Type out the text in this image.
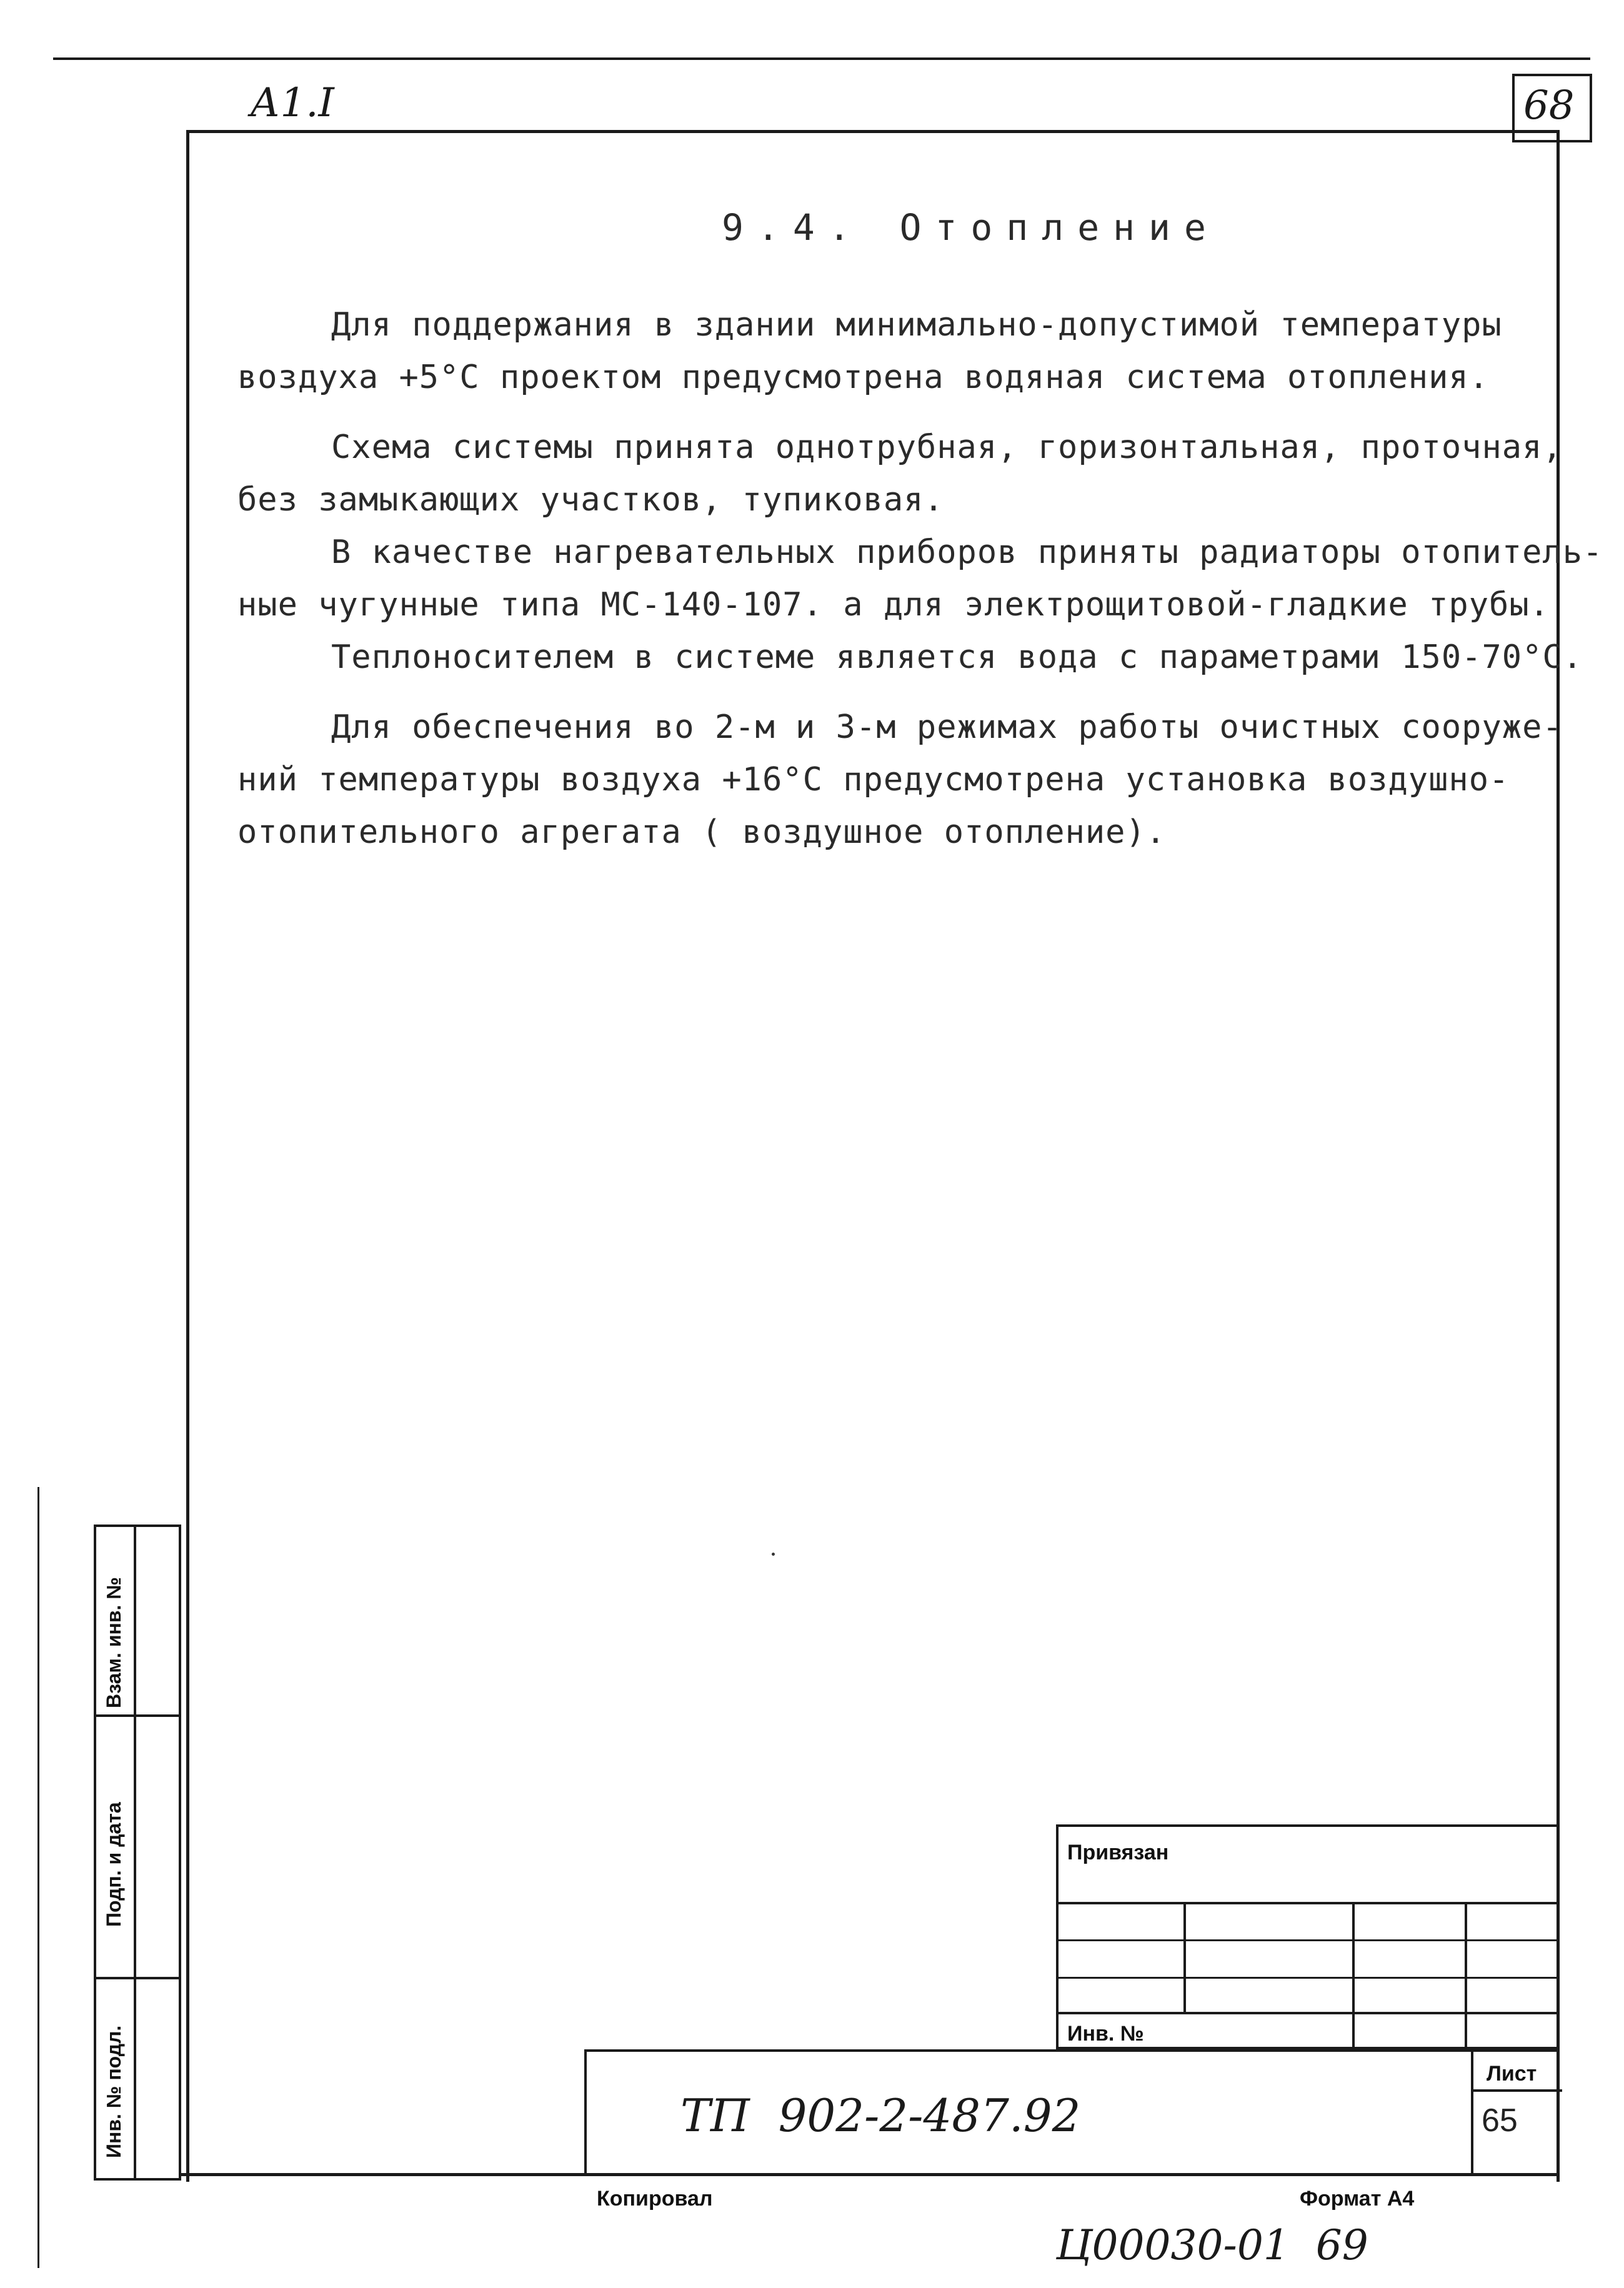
А1.I	68
9.4. Отопление
Для поддержания в здании минимально-допустимой температуры
воздуха +5°С проектом предусмотрена водяная система отопления.
Схема системы принята однотрубная, горизонтальная, проточная,
без замыкающих участков, тупиковая.
В качестве нагревательных приборов приняты радиаторы отопитель-
ные чугунные типа МС-140-107. а для электрощитовой-гладкие трубы.
Теплоносителем в системе является вода с параметрами 150-70°С.
Для обеспечения во 2-м и 3-м режимах работы очистных сооруже-
ний температуры воздуха +16°С предусмотрена установка воздушно-
отопительного агрегата ( воздушное отопление).
Взам. инв. №
Подп. и дата
Инв. № подл.
Привязан
Инв. №
ТП  902-2-487.92
Лист
65
Копировал	Формат А4
Ц00030-01  69
